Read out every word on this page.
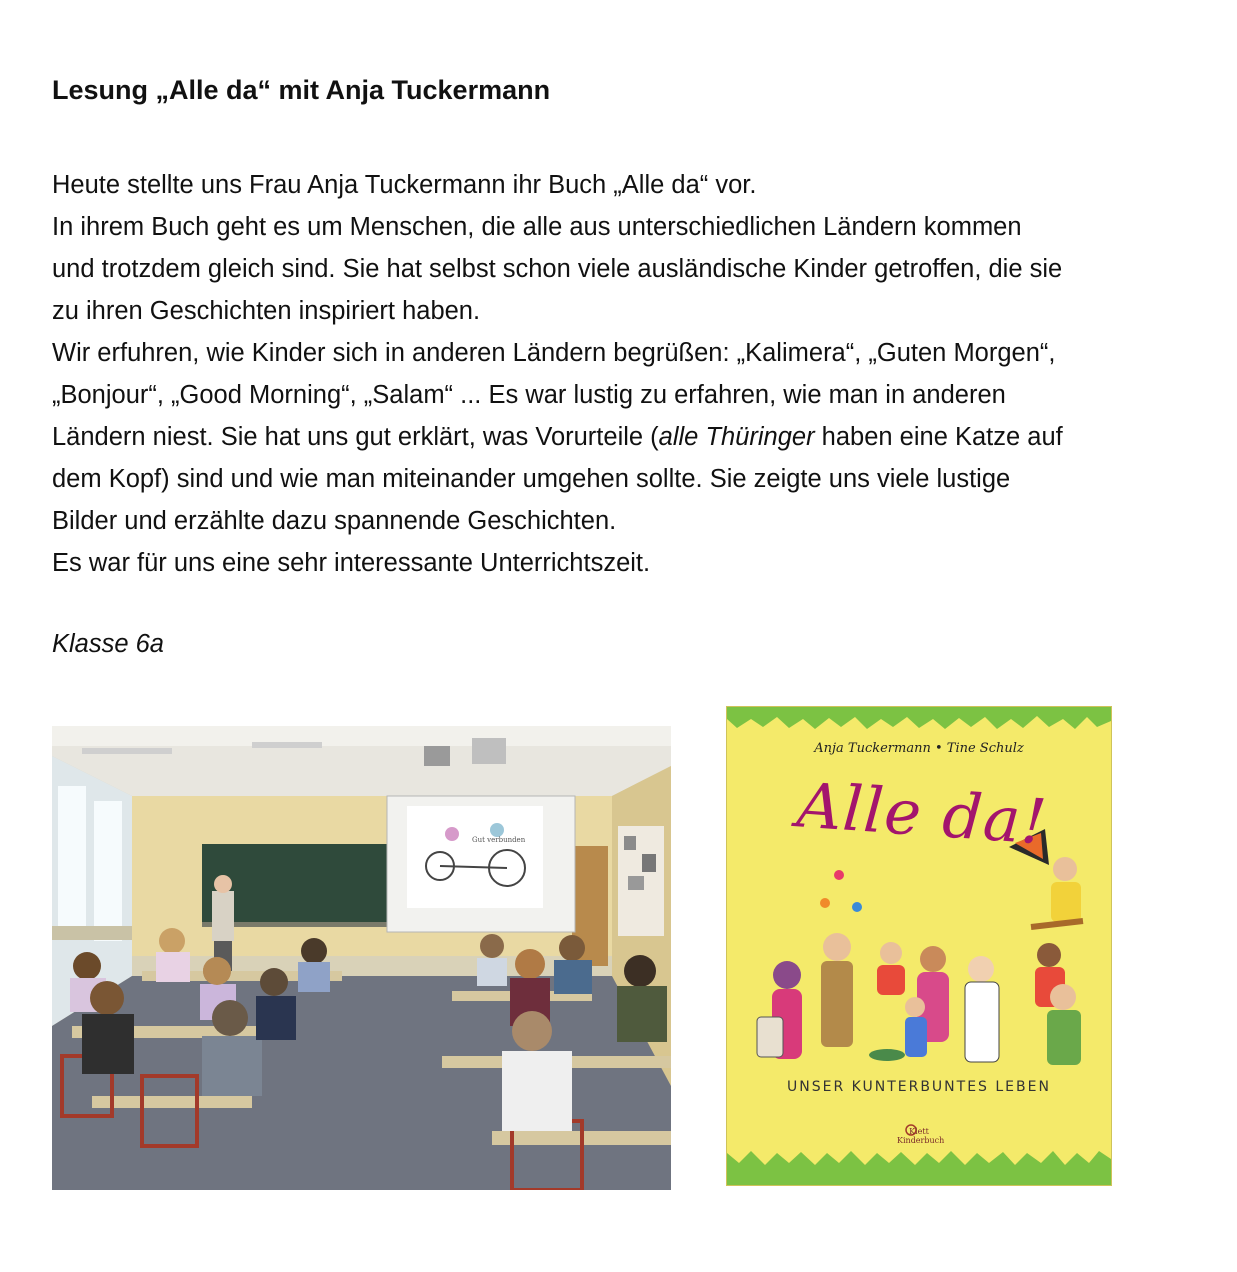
Lesung „Alle da“ mit Anja Tuckermann

Heute stellte uns Frau Anja Tuckermann ihr Buch „Alle da“ vor.

In ihrem Buch geht es um Menschen, die alle aus unterschiedlichen Ländern kommen

und trotzdem gleich sind. Sie hat selbst schon viele ausländische Kinder getroffen, die sie

zu ihren Geschichten inspiriert haben.

Wir erfuhren, wie Kinder sich in anderen Ländern begrüßen: „Kalimera“, „Guten Morgen“,

„Bonjour“, „Good Morning“, „Salam“ ... Es war lustig zu erfahren, wie man in anderen

Ländern niest. Sie hat uns gut erklärt, was Vorurteile (alle Thüringer haben eine Katze auf

dem Kopf) sind und wie man miteinander umgehen sollte. Sie zeigte uns viele lustige

Bilder und erzählte dazu spannende Geschichten.

Es war für uns eine sehr interessante Unterrichtszeit.

Klasse 6a

Gut verbunden
Anja Tuckermann • Tine Schulz
Alle da!
UNSER KUNTERBUNTES LEBEN
Klett Kinderbuch
